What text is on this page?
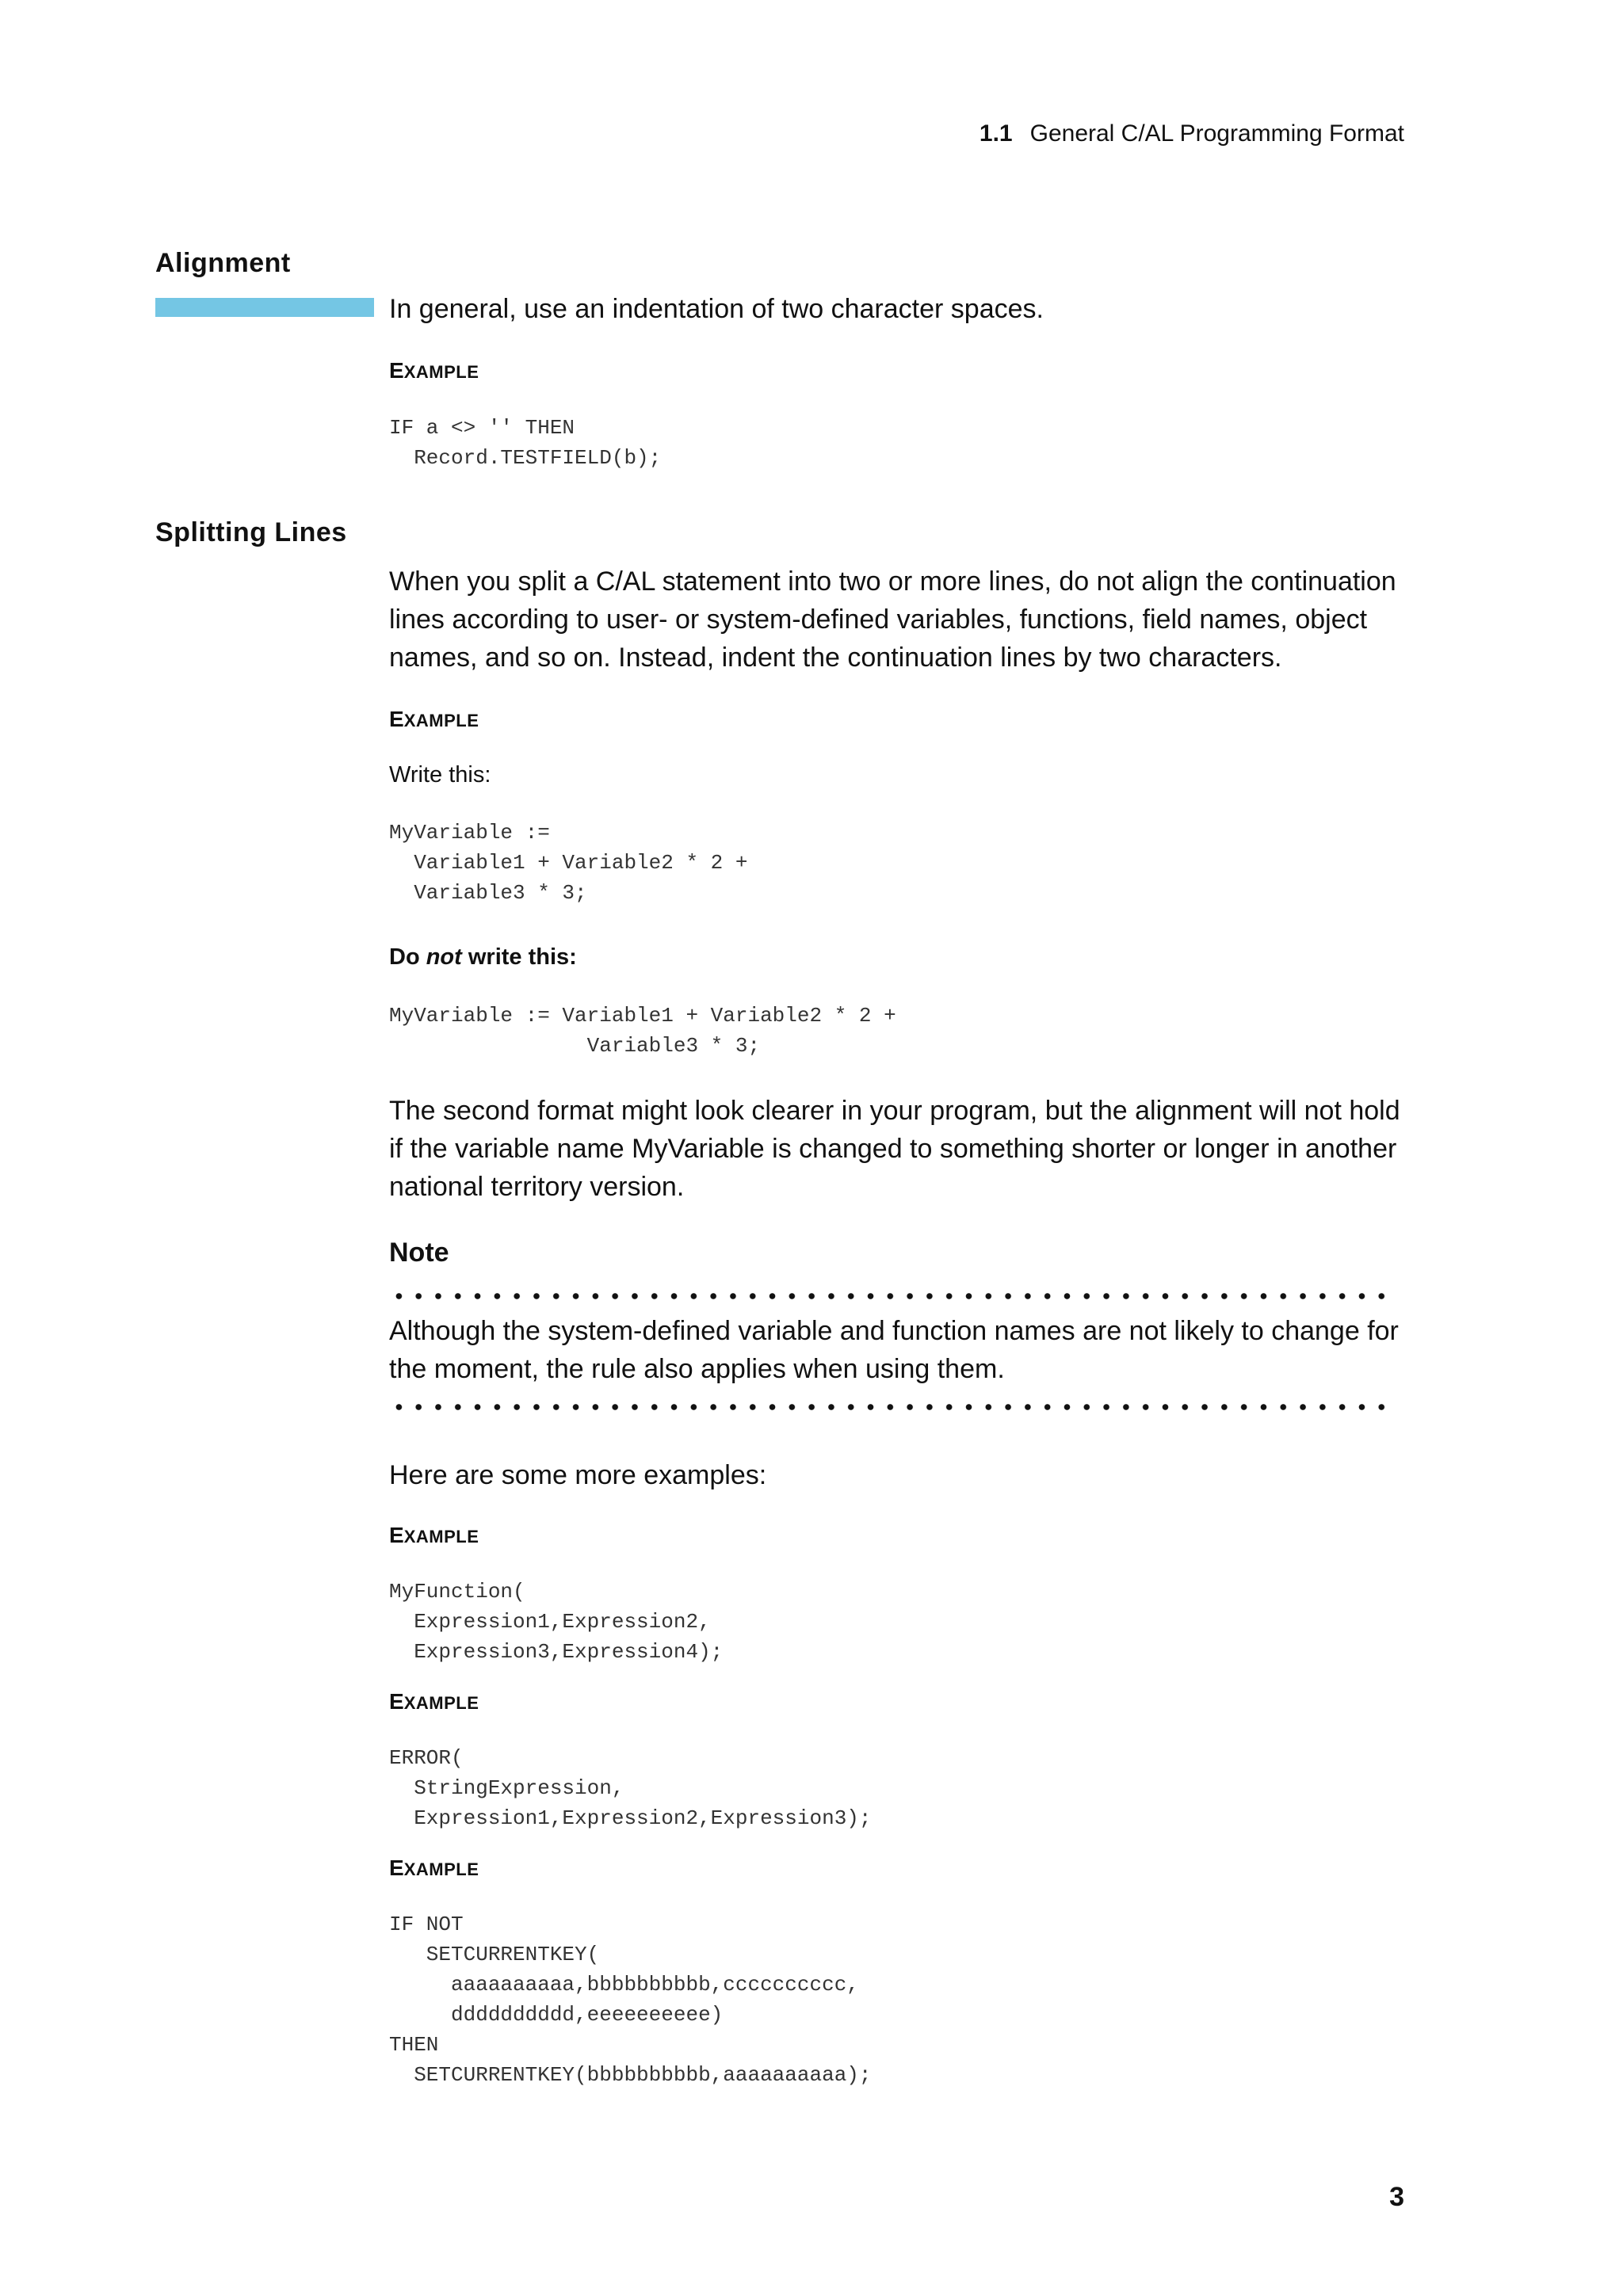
1.1 General C/AL Programming Format
Alignment
In general, use an indentation of two character spaces.
EXAMPLE
IF a <> '' THEN
Record.TESTFIELD(b);
Splitting Lines
When you split a C/AL statement into two or more lines, do not align the continuation lines according to user- or system-defined variables, functions, field names, object names, and so on. Instead, indent the continuation lines by two characters.
EXAMPLE
Write this:
MyVariable :=
Variable1 + Variable2 * 2 +
Variable3 * 3;
Do not write this:
MyVariable := Variable1 + Variable2 * 2 +
Variable3 * 3;
The second format might look clearer in your program, but the alignment will not hold if the variable name MyVariable is changed to something shorter or longer in another national territory version.
Note
Although the system-defined variable and function names are not likely to change for the moment, the rule also applies when using them.
Here are some more examples:
EXAMPLE
MyFunction(
Expression1,Expression2,
Expression3,Expression4);
EXAMPLE
ERROR(
StringExpression,
Expression1,Expression2,Expression3);
EXAMPLE
IF NOT
SETCURRENTKEY(
aaaaaaaaaa,bbbbbbbbbb,cccccccccc,
dddddddddd,eeeeeeeeee)
THEN
SETCURRENTKEY(bbbbbbbbbb,aaaaaaaaaa);
3
